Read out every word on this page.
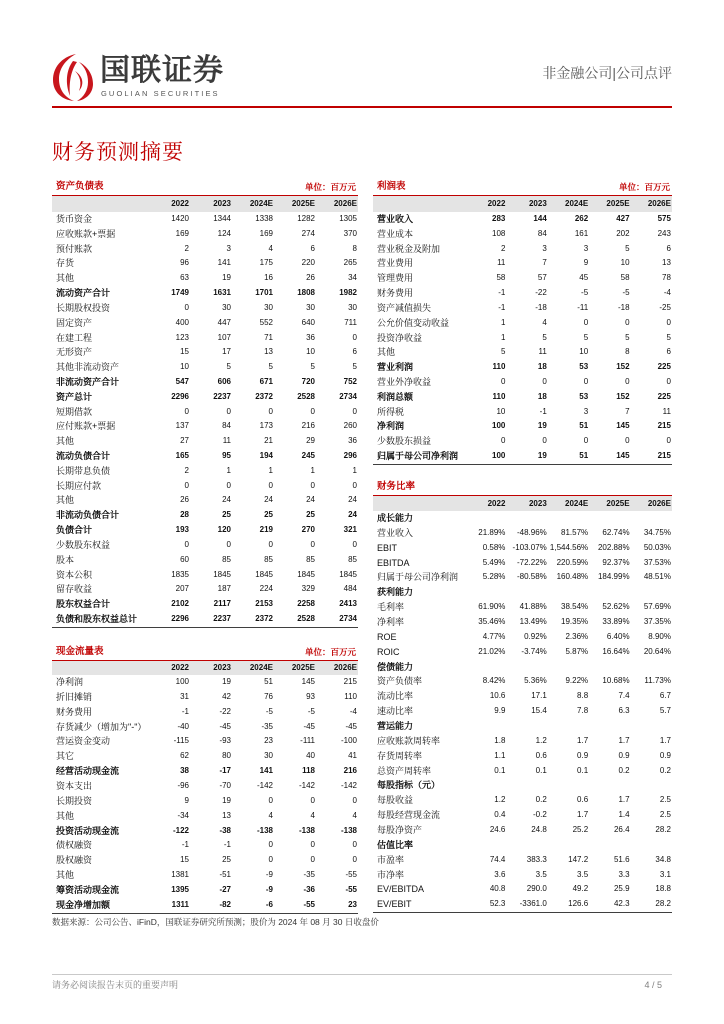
国联证券
GUOLIAN SECURITIES
非金融公司|公司点评
财务预测摘要
资产负债表	单位：百万元
2022	2023 2024E 2025E 2026E
货币资金	1420	1344	1338	1282	1305
应收账款+票据	169	124	169	274	370
预付账款	2	3	4	6	8
存货	96	141	175	220	265
其他	63	19	16	26	34
流动资产合计	1749	1631	1701	1808	1982
长期股权投资	0	30	30	30	30
固定资产	400	447	552	640	711
在建工程	123	107	71	36	0
无形资产	15	17	13	10	6
其他非流动资产	10	5	5	5	5
非流动资产合计	547	606	671	720	752
资产总计	2296	2237	2372	2528	2734
短期借款	0	0	0	0	0
应付账款+票据	137	84	173	216	260
其他	27	11	21	29	36
流动负债合计	165	95	194	245	296
长期带息负债	2	1	1	1	1
长期应付款	0	0	0	0	0
其他	26	24	24	24	24
非流动负债合计	28	25	25	25	24
负债合计	193	120	219	270	321
少数股东权益	0	0	0	0	0
股本	60	85	85	85	85
资本公积	1835	1845	1845	1845	1845
留存收益	207	187	224	329	484
股东权益合计	2102	2117	2153	2258	2413
负债和股东权益总计	2296	2237	2372	2528	2734
利润表	单位：百万元
2022	2023 2024E 2025E 2026E
营业收入	283	144	262	427	575
营业成本	108	84	161	202	243
营业税金及附加	2	3	3	5	6
营业费用	11	7	9	10	13
管理费用	58	57	45	58	78
财务费用	-1	-22	-5	-5	-4
资产减值损失	-1	-18	-11	-18	-25
公允价值变动收益	1	4	0	0	0
投资净收益	1	5	5	5	5
其他	5	11	10	8	6
营业利润	110	18	53	152	225
营业外净收益	0	0	0	0	0
利润总额	110	18	53	152	225
所得税	10	-1	3	7	11
净利润	100	19	51	145	215
少数股东损益	0	0	0	0	0
归属于母公司净利润	100	19	51	145	215
财务比率
2022	2023 2024E 2025E 2026E
成长能力
营业收入	21.89% -48.96% 81.57% 62.74% 34.75%
EBIT	0.58% -103.07% 1,544.56% 202.88% 50.03%
EBITDA	5.49% -72.22% 220.59% 92.37% 37.53%
归属于母公司净利润	5.28% -80.58% 160.48% 184.99% 48.51%
获利能力
毛利率	61.90% 41.88% 38.54% 52.62% 57.69%
净利率	35.46% 13.49% 19.35% 33.89% 37.35%
ROE	4.77% 0.92% 2.36% 6.40% 8.90%
ROIC	21.02% -3.74% 5.87% 16.64% 20.64%
偿债能力
资产负债率	8.42% 5.36% 9.22% 10.68% 11.73%
流动比率	10.6	17.1	8.8	7.4	6.7
速动比率	9.9	15.4	7.8	6.3	5.7
营运能力
应收账款周转率	1.8	1.2	1.7	1.7	1.7
存货周转率	1.1	0.6	0.9	0.9	0.9
总资产周转率	0.1	0.1	0.1	0.2	0.2
每股指标（元）
每股收益	1.2	0.2	0.6	1.7	2.5
每股经营现金流	0.4	-0.2	1.7	1.4	2.5
每股净资产	24.6	24.8	25.2	26.4	28.2
估值比率
市盈率	74.4	383.3	147.2	51.6	34.8
市净率	3.6	3.5	3.5	3.3	3.1
EV/EBITDA	40.8	290.0	49.2	25.9	18.8
EV/EBIT	52.3 -3361.0	126.6	42.3	28.2
现金流量表	单位：百万元
2022	2023 2024E 2025E 2026E
净利润	100	19	51	145	215
折旧摊销	31	42	76	93	110
财务费用	-1	-22	-5	-5	-4
存货减少（增加为"-"）	-40	-45	-35	-45	-45
营运资金变动	-115	-93	23	-111	-100
其它	62	80	30	40	41
经营活动现金流	38	-17	141	118	216
资本支出	-96	-70	-142	-142	-142
长期投资	9	19	0	0	0
其他	-34	13	4	4	4
投资活动现金流	-122	-38	-138	-138	-138
债权融资	-1	-1	0	0	0
股权融资	15	25	0	0	0
其他	1381	-51	-9	-35	-55
筹资活动现金流	1395	-27	-9	-36	-55
现金净增加额	1311	-82	-6	-55	23
数据来源：公司公告、iFinD，国联证券研究所预测；股价为 2024 年 08 月 30 日收盘价
请务必阅读报告末页的重要声明	4 / 5
